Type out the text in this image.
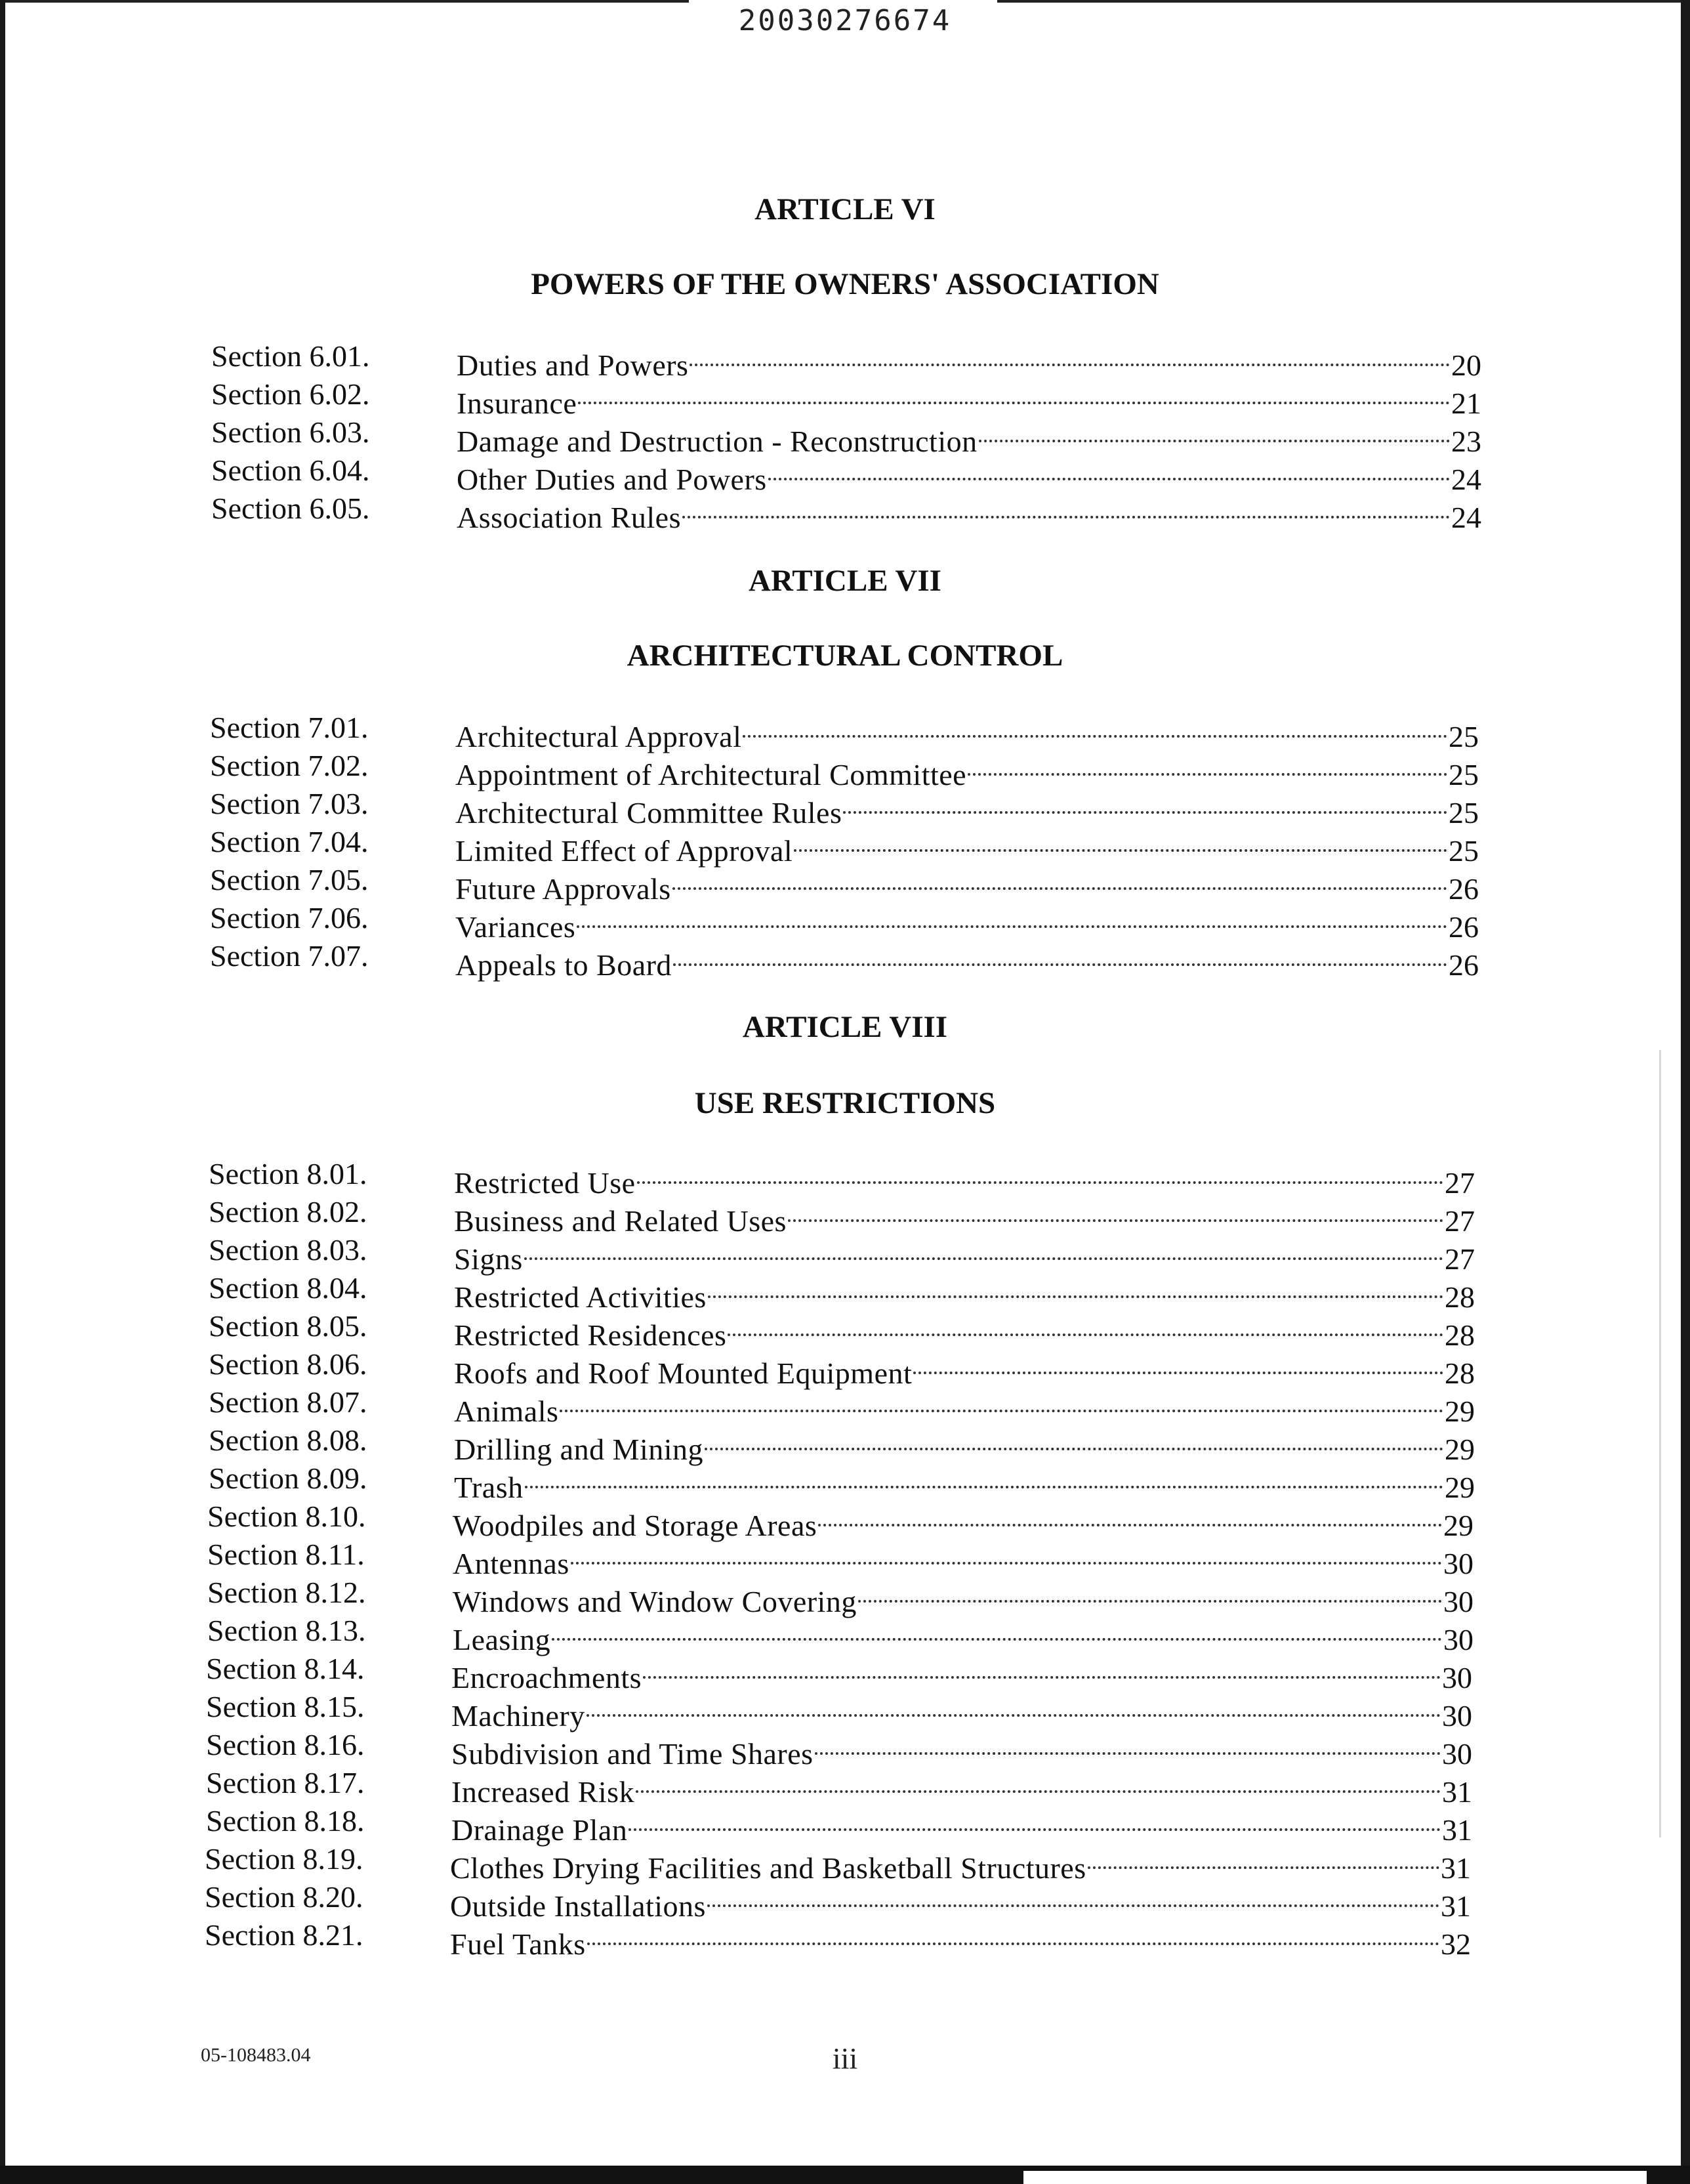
20030276674
ARTICLE VI
POWERS OF THE OWNERS' ASSOCIATION
Section 6.01.	Duties and Powers	20
Section 6.02.	Insurance	21
Section 6.03.	Damage and Destruction - Reconstruction	23
Section 6.04.	Other Duties and Powers	24
Section 6.05.	Association Rules	24
ARTICLE VII
ARCHITECTURAL CONTROL
Section 7.01.	Architectural Approval	25
Section 7.02.	Appointment of Architectural Committee	25
Section 7.03.	Architectural Committee Rules	25
Section 7.04.	Limited Effect of Approval	25
Section 7.05.	Future Approvals	26
Section 7.06.	Variances	26
Section 7.07.	Appeals to Board	26
ARTICLE VIII
USE RESTRICTIONS
Section 8.01.	Restricted Use	27
Section 8.02.	Business and Related Uses	27
Section 8.03.	Signs	27
Section 8.04.	Restricted Activities	28
Section 8.05.	Restricted Residences	28
Section 8.06.	Roofs and Roof Mounted Equipment	28
Section 8.07.	Animals	29
Section 8.08.	Drilling and Mining	29
Section 8.09.	Trash	29
Section 8.10.	Woodpiles and Storage Areas	29
Section 8.11.	Antennas	30
Section 8.12.	Windows and Window Covering	30
Section 8.13.	Leasing	30
Section 8.14.	Encroachments	30
Section 8.15.	Machinery	30
Section 8.16.	Subdivision and Time Shares	30
Section 8.17.	Increased Risk	31
Section 8.18.	Drainage Plan	31
Section 8.19.	Clothes Drying Facilities and Basketball Structures	31
Section 8.20.	Outside Installations	31
Section 8.21.	Fuel Tanks	32
05-108483.04	iii
